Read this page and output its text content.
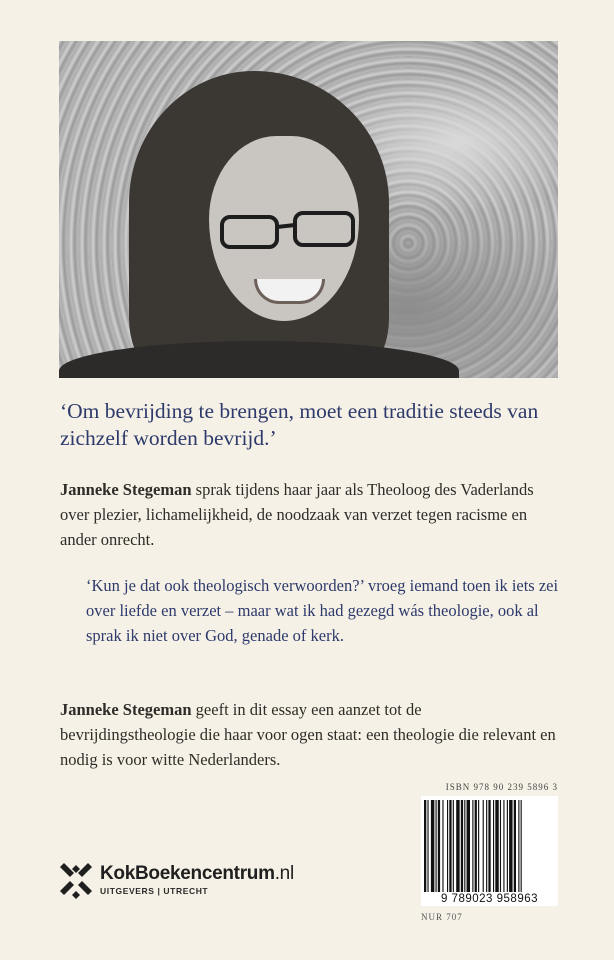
‘Om bevrijding te brengen, moet een traditie steeds van zichzelf worden bevrijd.’

Janneke Stegeman sprak tijdens haar jaar als Theoloog des Vaderlands over plezier, lichamelijkheid, de noodzaak van verzet tegen racisme en ander onrecht.

‘Kun je dat ook theologisch verwoorden?’ vroeg iemand toen ik iets zei over liefde en verzet – maar wat ik had gezegd wás theologie, ook al sprak ik niet over God, genade of kerk.

Janneke Stegeman geeft in dit essay een aanzet tot de bevrijdingstheologie die haar voor ogen staat: een theologie die relevant en nodig is voor witte Nederlanders.

KokBoekencentrum.nl
UITGEVERS | UTRECHT
ISBN 978 90 239 5896 3
9 789023 958963
NUR 707
